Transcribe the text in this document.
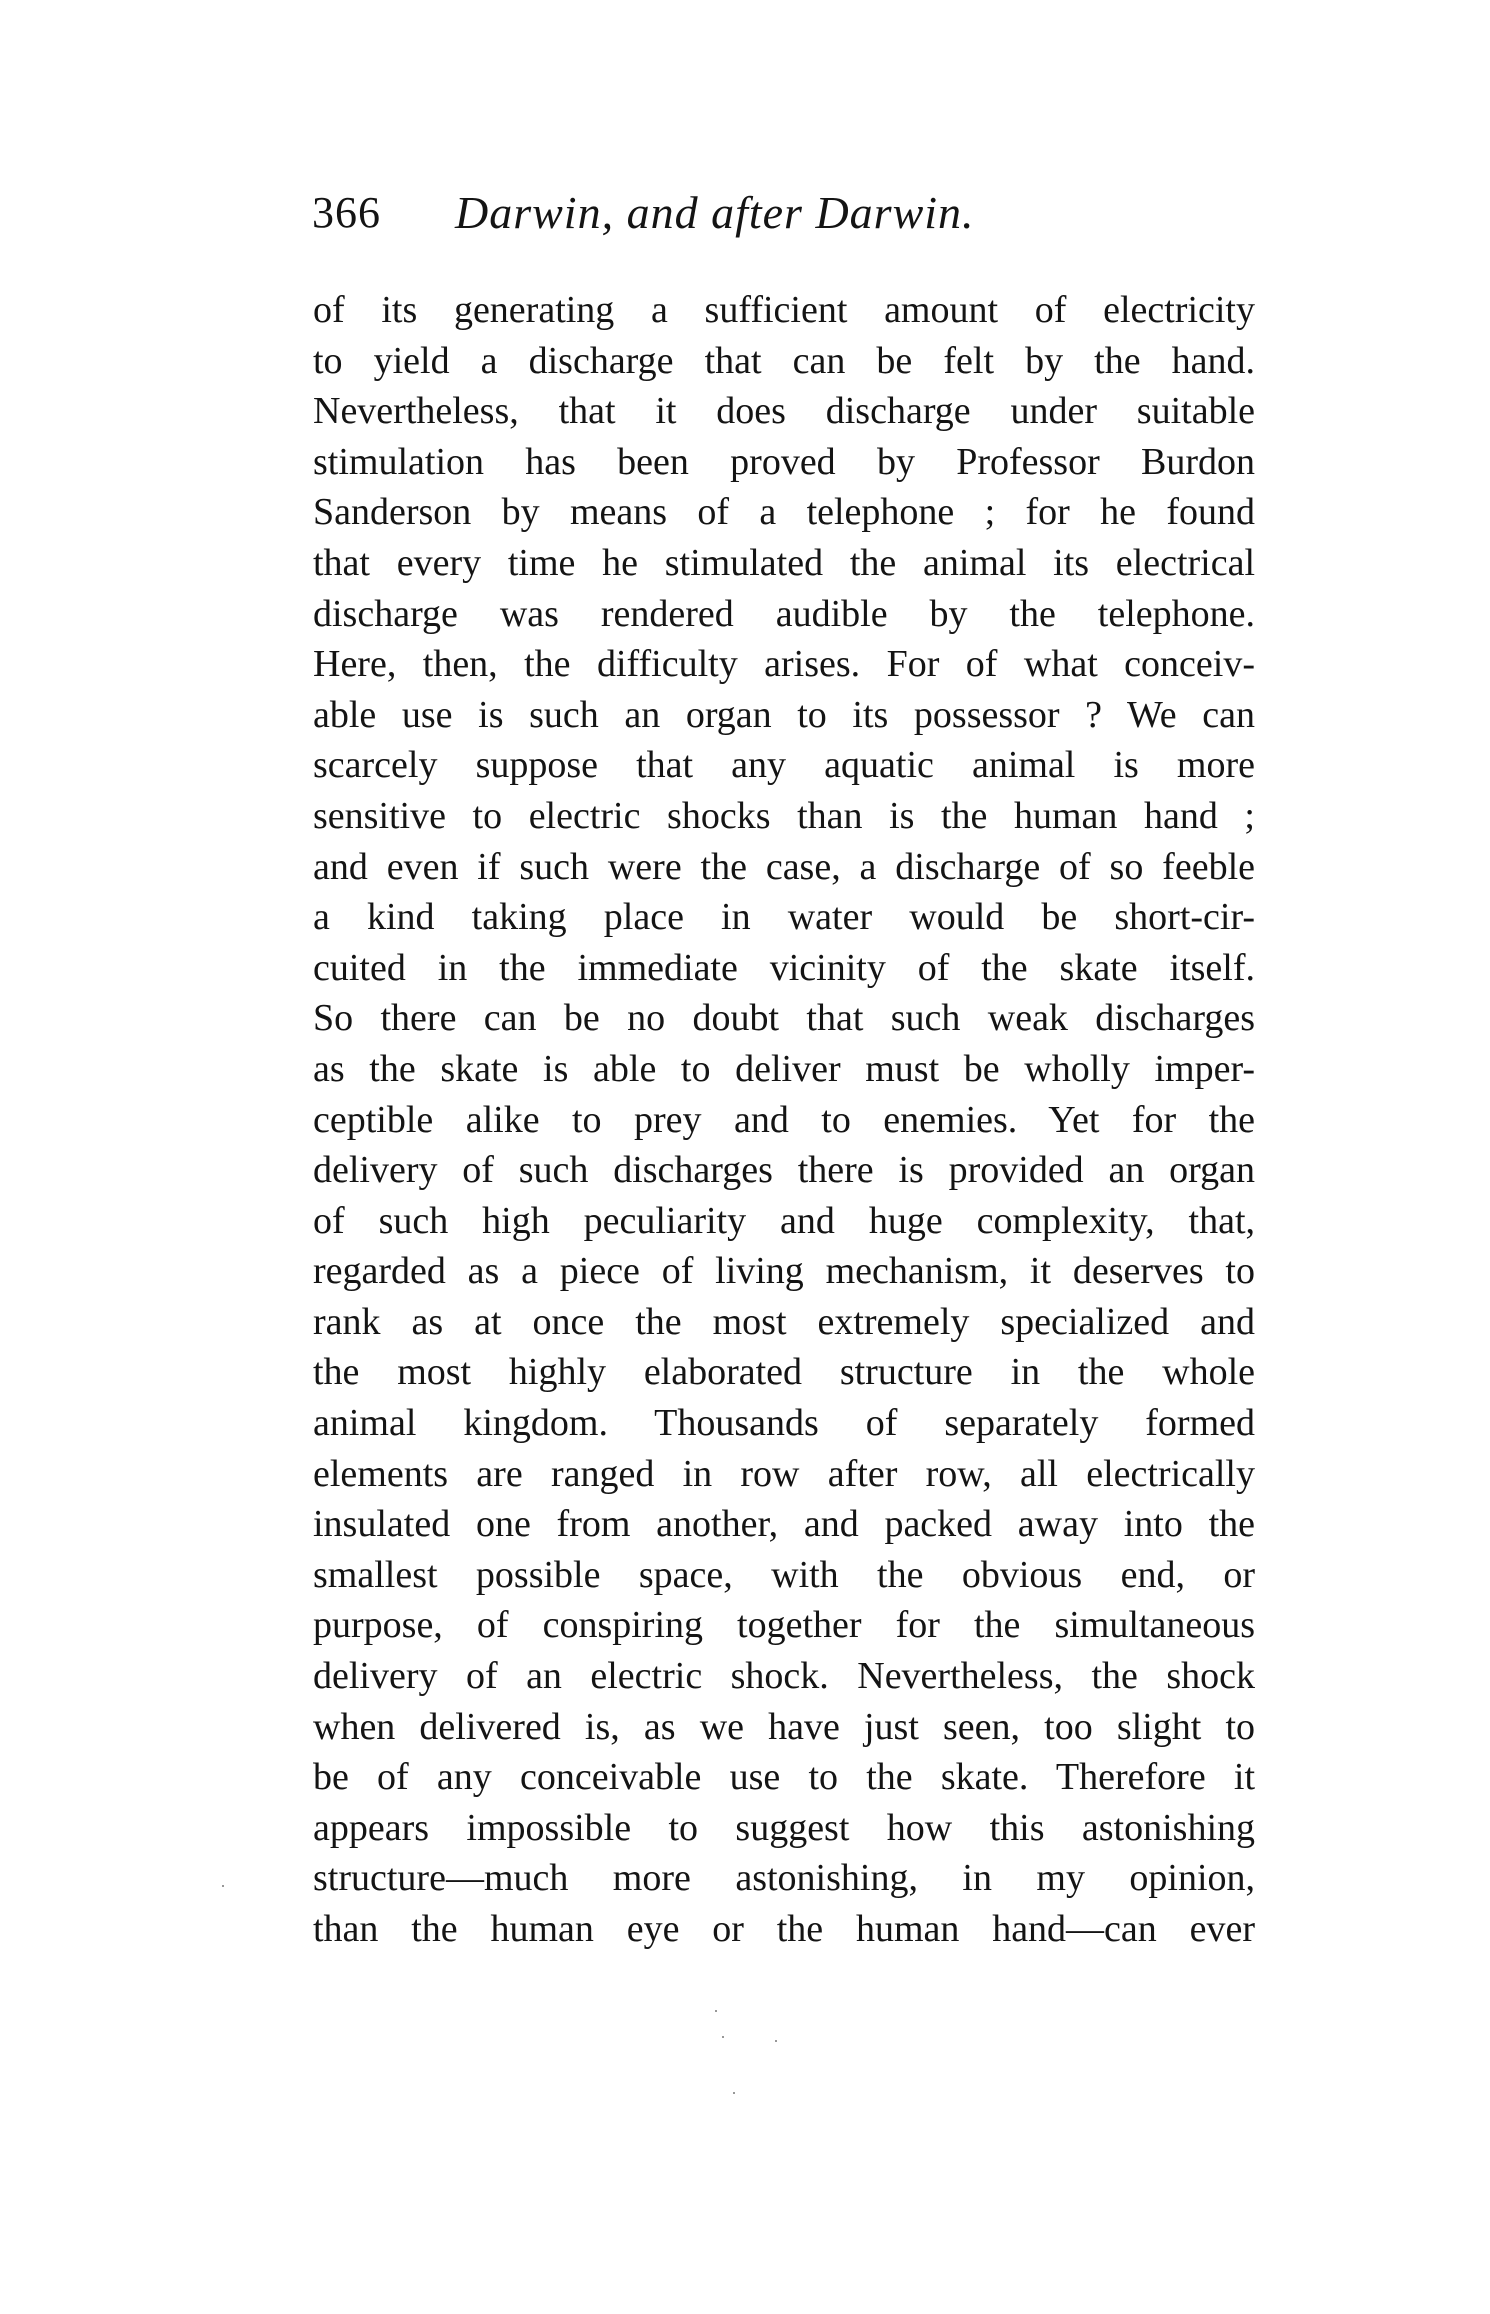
366 Darwin, and after Darwin.
of its generating a sufficient amount of electricity
to yield a discharge that can be felt by the hand.
Nevertheless, that it does discharge under suitable
stimulation has been proved by Professor Burdon
Sanderson by means of a telephone ; for he found
that every time he stimulated the animal its electrical
discharge was rendered audible by the telephone.
Here, then, the difficulty arises. For of what conceiv-
able use is such an organ to its possessor ? We can
scarcely suppose that any aquatic animal is more
sensitive to electric shocks than is the human hand ;
and even if such were the case, a discharge of so feeble
a kind taking place in water would be short-cir-
cuited in the immediate vicinity of the skate itself.
So there can be no doubt that such weak discharges
as the skate is able to deliver must be wholly imper-
ceptible alike to prey and to enemies. Yet for the
delivery of such discharges there is provided an organ
of such high peculiarity and huge complexity, that,
regarded as a piece of living mechanism, it deserves to
rank as at once the most extremely specialized and
the most highly elaborated structure in the whole
animal kingdom. Thousands of separately formed
elements are ranged in row after row, all electrically
insulated one from another, and packed away into the
smallest possible space, with the obvious end, or
purpose, of conspiring together for the simultaneous
delivery of an electric shock. Nevertheless, the shock
when delivered is, as we have just seen, too slight to
be of any conceivable use to the skate. Therefore it
appears impossible to suggest how this astonishing
structure—much more astonishing, in my opinion,
than the human eye or the human hand—can ever
